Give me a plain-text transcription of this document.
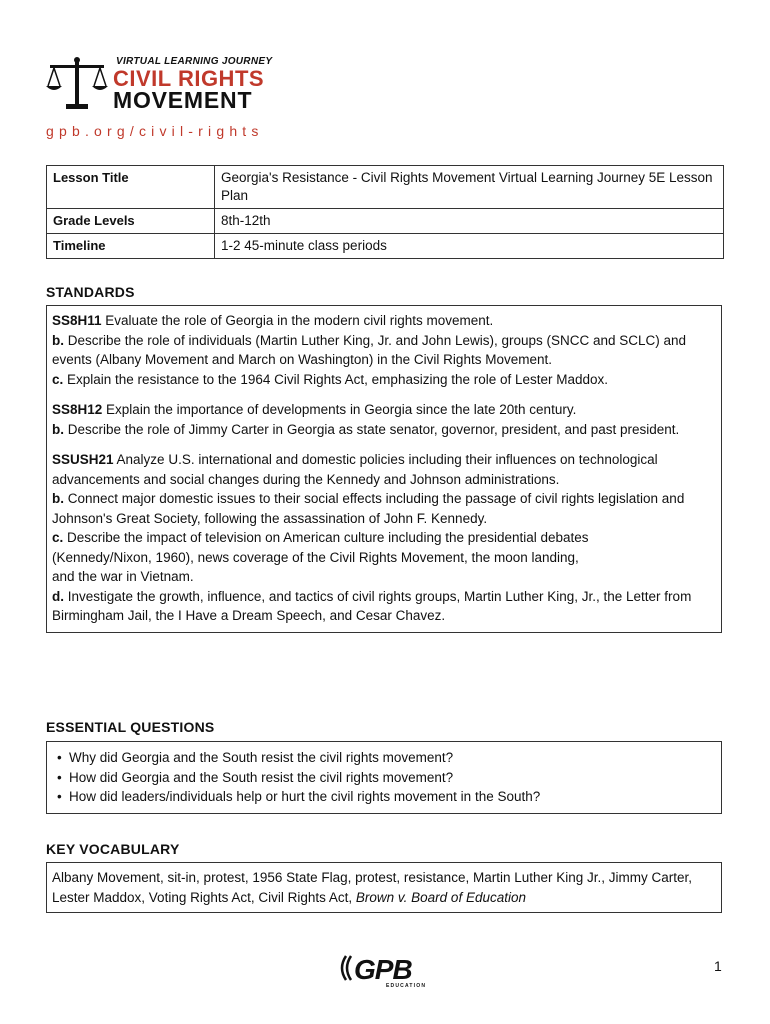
VIRTUAL LEARNING JOURNEY
CIVIL RIGHTS
MOVEMENT
gpb.org/civil-rights
Lesson Title	Georgia's Resistance - Civil Rights Movement Virtual Learning Journey 5E Lesson Plan
Grade Levels	8th-12th
Timeline	1-2 45-minute class periods
STANDARDS

SS8H11 Evaluate the role of Georgia in the modern civil rights movement.

b. Describe the role of individuals (Martin Luther King, Jr. and John Lewis), groups (SNCC and SCLC) and events (Albany Movement and March on Washington) in the Civil Rights Movement.

c. Explain the resistance to the 1964 Civil Rights Act, emphasizing the role of Lester Maddox.

SS8H12 Explain the importance of developments in Georgia since the late 20th century.

b. Describe the role of Jimmy Carter in Georgia as state senator, governor, president, and past president.

SSUSH21 Analyze U.S. international and domestic policies including their influences on technological advancements and social changes during the Kennedy and Johnson administrations.

b. Connect major domestic issues to their social effects including the passage of civil rights legislation and Johnson's Great Society, following the assassination of John F. Kennedy.

c. Describe the impact of television on American culture including the presidential debates
(Kennedy/Nixon, 1960), news coverage of the Civil Rights Movement, the moon landing,
and the war in Vietnam.

d. Investigate the growth, influence, and tactics of civil rights groups, Martin Luther King, Jr., the Letter from Birmingham Jail, the I Have a Dream Speech, and Cesar Chavez.

ESSENTIAL QUESTIONS
• Why did Georgia and the South resist the civil rights movement?
• How did Georgia and the South resist the civil rights movement?
• How did leaders/individuals help or hurt the civil rights movement in the South?
KEY VOCABULARY

Albany Movement, sit-in, protest, 1956 State Flag, protest, resistance, Martin Luther King Jr., Jimmy Carter, Lester Maddox, Voting Rights Act, Civil Rights Act, Brown v. Board of Education

GPB
EDUCATION
1
